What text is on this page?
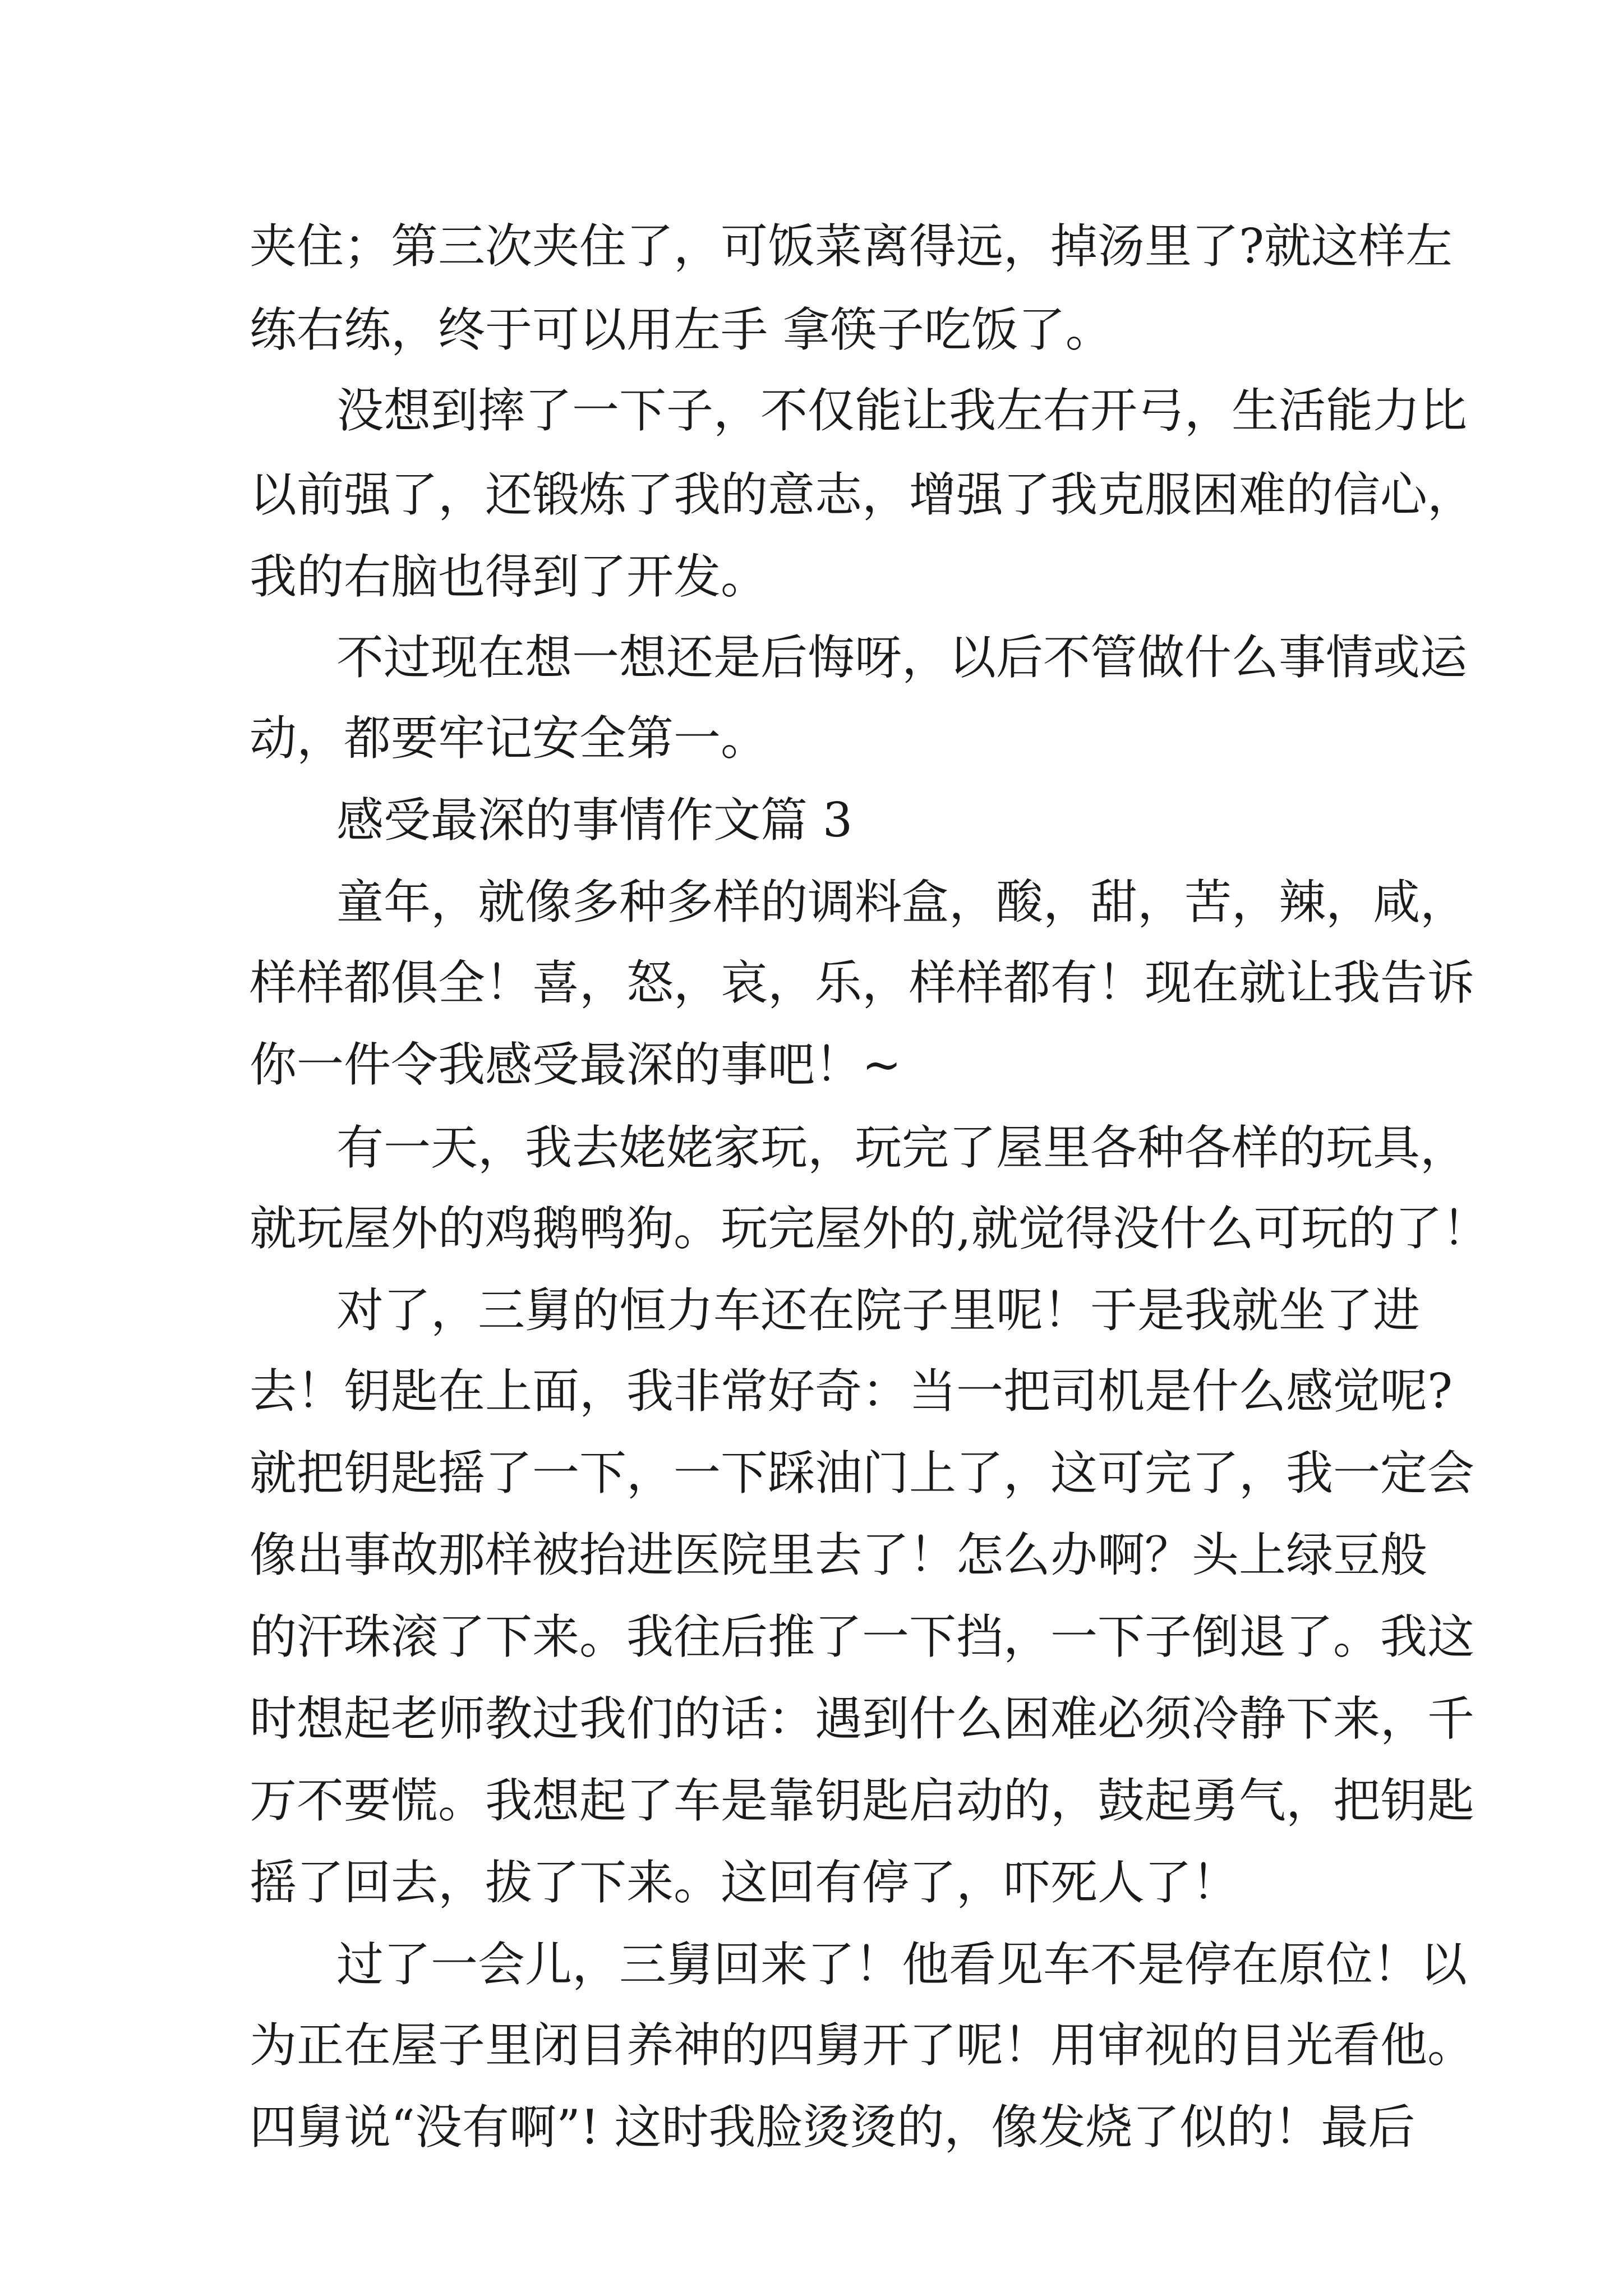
夹住；第三次夹住了，可饭菜离得远，掉汤里了?就这样左
练右练，终于可以用左手 拿筷子吃饭了。
没想到摔了一下子，不仅能让我左右开弓，生活能力比
以前强了，还锻炼了我的意志，增强了我克服困难的信心，
我的右脑也得到了开发。
不过现在想一想还是后悔呀，以后不管做什么事情或运
动，都要牢记安全第一。
感受最深的事情作文篇 3
童年，就像多种多样的调料盒，酸，甜，苦，辣，咸，
样样都俱全！喜，怒，哀，乐，样样都有！现在就让我告诉
你一件令我感受最深的事吧！~
有一天，我去姥姥家玩，玩完了屋里各种各样的玩具，
就玩屋外的鸡鹅鸭狗。玩完屋外的,就觉得没什么可玩的了！
对了，三舅的恒力车还在院子里呢！于是我就坐了进
去！钥匙在上面，我非常好奇：当一把司机是什么感觉呢?
就把钥匙摇了一下，一下踩油门上了，这可完了，我一定会
像出事故那样被抬进医院里去了！怎么办啊？头上绿豆般
的汗珠滚了下来。我往后推了一下挡，一下子倒退了。我这
时想起老师教过我们的话：遇到什么困难必须冷静下来，千
万不要慌。我想起了车是靠钥匙启动的，鼓起勇气，把钥匙
摇了回去，拔了下来。这回有停了，吓死人了！
过了一会儿，三舅回来了！他看见车不是停在原位！以
为正在屋子里闭目养神的四舅开了呢！用审视的目光看他。
四舅说“没有啊”! 这时我脸烫烫的，像发烧了似的！最后
